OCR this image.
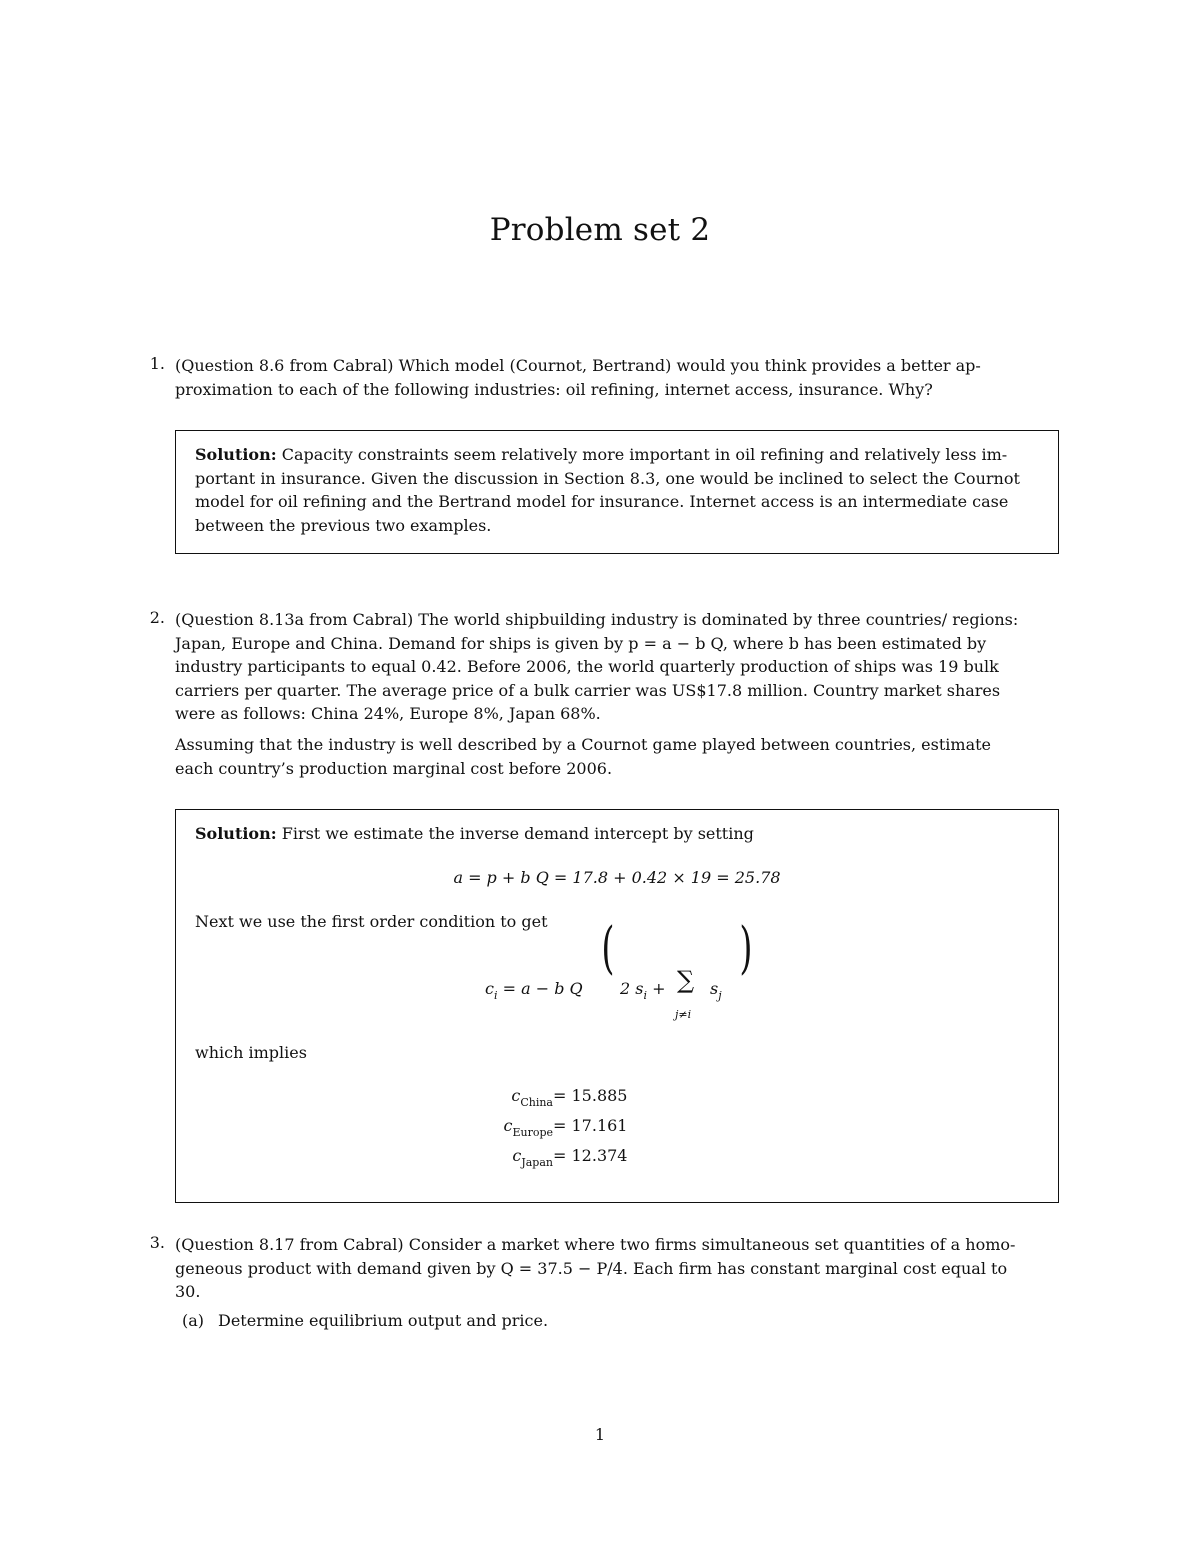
Problem set 2
1. (Question 8.6 from Cabral) Which model (Cournot, Bertrand) would you think provides a better ap-
proximation to each of the following industries: oil refining, internet access, insurance. Why?
Solution: Capacity constraints seem relatively more important in oil refining and relatively less im-
portant in insurance. Given the discussion in Section 8.3, one would be inclined to select the Cournot
model for oil refining and the Bertrand model for insurance. Internet access is an intermediate case
between the previous two examples.
2. (Question 8.13a from Cabral) The world shipbuilding industry is dominated by three countries/ regions:
Japan, Europe and China. Demand for ships is given by p = a − b Q, where b has been estimated by
industry participants to equal 0.42. Before 2006, the world quarterly production of ships was 19 bulk
carriers per quarter. The average price of a bulk carrier was US$17.8 million. Country market shares
were as follows: China 24%, Europe 8%, Japan 68%.
Assuming that the industry is well described by a Cournot game played between countries, estimate
each country’s production marginal cost before 2006.
Solution: First we estimate the inverse demand intercept by setting
a = p + b Q = 17.8 + 0.42 × 19 = 25.78
Next we use the first order condition to get
$c_i = a - b$ Q
(
2 $s_i$ + ∑
j≠i
$s_j$
)
which implies
$c_{China} = 15.885$
$c_{Europe} = 17.161$
$c_{Japan} = 12.374$
3. (Question 8.17 from Cabral) Consider a market where two firms simultaneous set quantities of a homo-
geneous product with demand given by Q = 37.5 − P/4. Each firm has constant marginal cost equal to
30.
(a) Determine equilibrium output and price.
1
